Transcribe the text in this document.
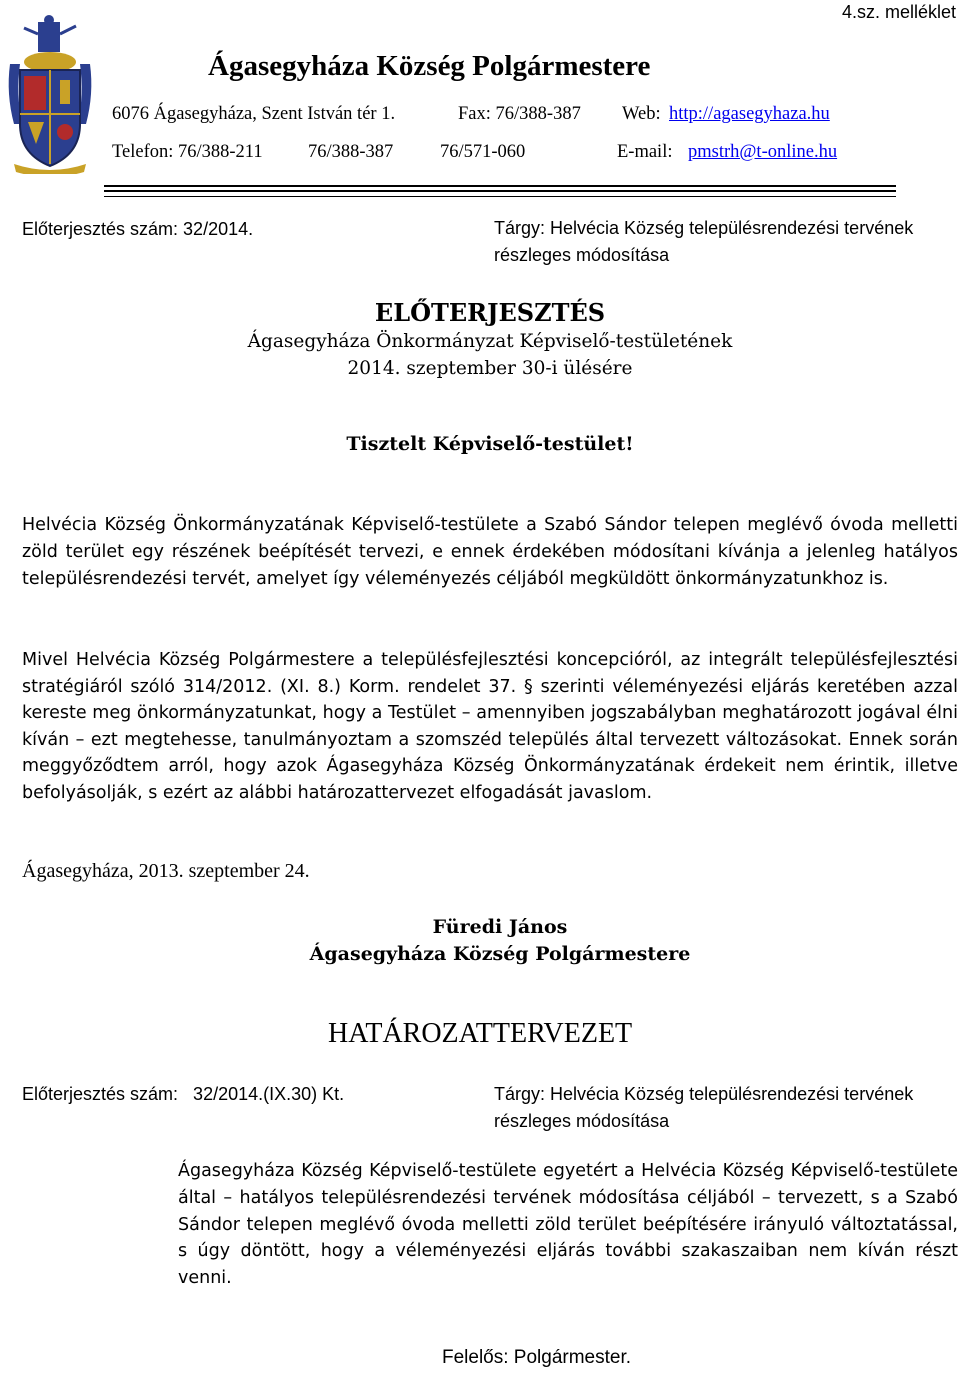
4.sz. melléklet
Ágasegyháza Község Polgármestere
6076 Ágasegyháza, Szent István tér 1.	Fax: 76/388-387 Web: http://agasegyhaza.hu
Telefon: 76/388-211 76/388-387	76/571-060	E-mail: pmstrh@t-online.hu
Előterjesztés szám: 32/2014.	Tárgy: Helvécia Község településrendezési tervének részleges módosítása
ELŐTERJESZTÉS
Ágasegyháza Önkormányzat Képviselő-testületének
2014. szeptember 30-i ülésére
Tisztelt Képviselő-testület!
Helvécia Község Önkormányzatának Képviselő-testülete a Szabó Sándor telepen meglévő óvoda melletti zöld terület egy részének beépítését tervezi, e ennek érdekében módosítani kívánja a jelenleg hatályos településrendezési tervét, amelyet így véleményezés céljából megküldött önkormányzatunkhoz is.
Mivel Helvécia Község Polgármestere a településfejlesztési koncepcióról, az integrált településfejlesztési stratégiáról szóló 314/2012. (XI. 8.) Korm. rendelet 37. § szerinti véleményezési eljárás keretében azzal kereste meg önkormányzatunkat, hogy a Testület – amennyiben jogszabályban meghatározott jogával élni kíván – ezt megtehesse, tanulmányoztam a szomszéd település által tervezett változásokat. Ennek során meggyőződtem arról, hogy azok Ágasegyháza Község Önkormányzatának érdekeit nem érintik, illetve befolyásolják, s ezért az alábbi határozattervezet elfogadását javaslom.
Ágasegyháza, 2013. szeptember 24.
Füredi János
Ágasegyháza Község Polgármestere
HATÁROZATTERVEZET
Előterjesztés szám:   32/2014.(IX.30) Kt.	Tárgy: Helvécia Község településrendezési tervének részleges módosítása
Ágasegyháza Község Képviselő-testülete egyetért a Helvécia Község Képviselő-testülete által – hatályos településrendezési tervének módosítása céljából – tervezett, s a Szabó Sándor telepen meglévő óvoda melletti zöld terület beépítésére irányuló változtatással, s úgy döntött, hogy a véleményezési eljárás további szakaszaiban nem kíván részt venni.
Felelős: Polgármester.
